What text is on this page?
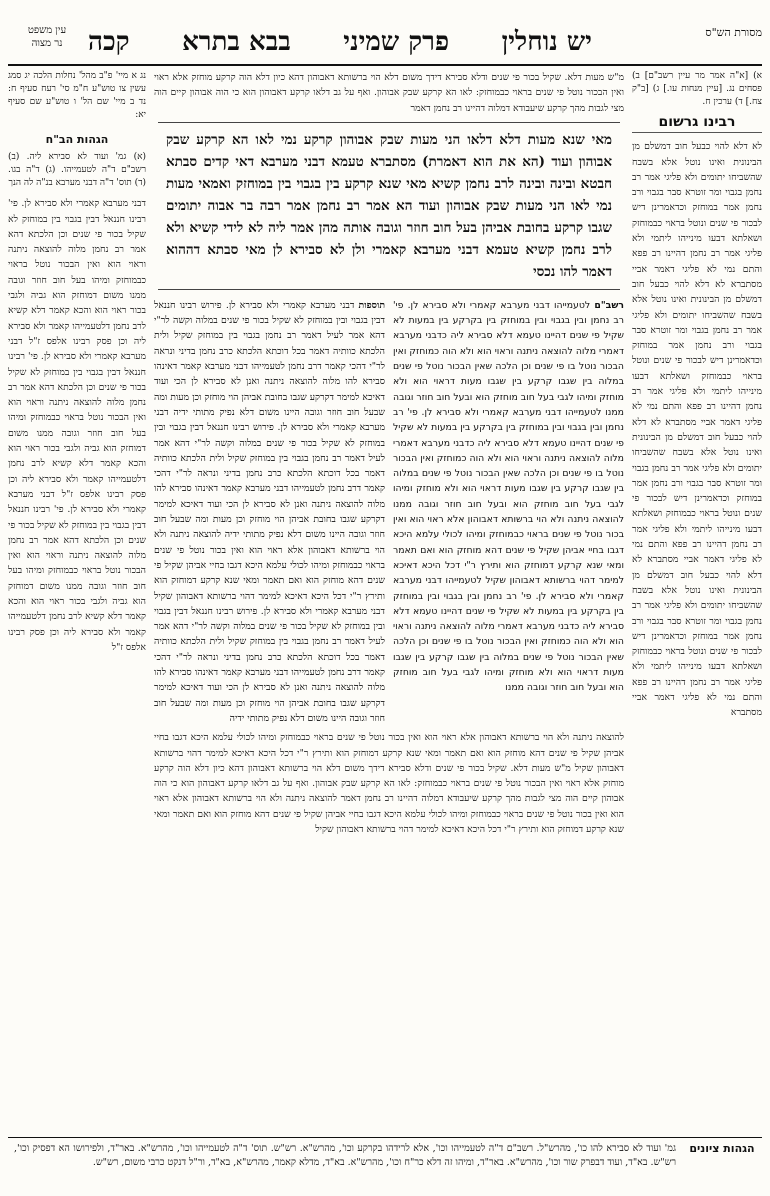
מסורת הש"ס
יש נוחלין
פרק שמיני
בבא בתרא
קכה
עין משפט
נר מצוה
א) [א"ה אמר מר עיין רשב"ם] ב) פסחים נג. [עיין מנחות עו.] ג) [ב"ק צח.] ד) ערכין ח.
רבינו גרשום
לא דלא להוי כבעל חוב דמשלם מן הבינונית ואינו נוטל אלא בשבח שהשביחו יתומים ולא פליגי אמר רב נחמן בגבוי ומר זוטרא סבר בגבוי ורב נחמן אמר במוחזק וכדאמרינן דיש לבכור פי שנים ונוטל בראוי כבמוחזק ושאלתא דבעו מינייהו ליתמי ולא פליגי אמר רב נחמן דהיינו רב פפא והתם נמי לא פליגי דאמר אביי מסתברא לא דלא להוי כבעל חוב דמשלם מן הבינונית ואינו נוטל אלא בשבח שהשביחו יתומים ולא פליגי אמר רב נחמן בגבוי ומר זוטרא סבר בגבוי ורב נחמן אמר במוחזק וכדאמרינן דיש לבכור פי שנים ונוטל בראוי כבמוחזק ושאלתא דבעו מינייהו ליתמי ולא פליגי אמר רב נחמן דהיינו רב פפא והתם נמי לא פליגי דאמר אביי מסתברא לא דלא להוי כבעל חוב דמשלם מן הבינונית ואינו נוטל אלא בשבח שהשביחו יתומים ולא פליגי אמר רב נחמן בגבוי ומר זוטרא סבר בגבוי ורב נחמן אמר במוחזק וכדאמרינן דיש לבכור פי שנים ונוטל בראוי כבמוחזק ושאלתא דבעו מינייהו ליתמי ולא פליגי אמר רב נחמן דהיינו רב פפא והתם נמי לא פליגי דאמר אביי מסתברא לא דלא להוי כבעל חוב דמשלם מן הבינונית ואינו נוטל אלא בשבח שהשביחו יתומים ולא פליגי אמר רב נחמן בגבוי ומר זוטרא סבר בגבוי ורב נחמן אמר במוחזק וכדאמרינן דיש לבכור פי שנים ונוטל בראוי כבמוחזק ושאלתא דבעו מינייהו ליתמי ולא פליגי אמר רב נחמן דהיינו רב פפא והתם נמי לא פליגי דאמר אביי מסתברא
מ"ש מעות דלא. שקיל בכור פי שנים ודלא סבירא דידך משום דלא הוי ברשותא דאבוהון דהא כיון דלא הוה קרקע מוחזק אלא ראוי ואין הבכור נוטל פי שנים בראוי כבמוחזק: לאו הא קרקע שבק אבוהון. ואף על גב דלאו קרקע דאבוהון הוא כי הוה אבוהון קיים הוה מצי לגבות מהך קרקע שיעבודא דמלוה דהיינו רב נחמן דאמר
מאי שנא מעות דלא דלאו הני מעות שבק אבוהון קרקע נמי לאו הא קרקע שבק אבוהון ועוד (הא את הוא דאמרת) מסתברא טעמא דבני מערבא דאי קדים סבתא חבטא ובינה ובינה לרב נחמן קשיא מאי שנא קרקע בין בגבוי בין במוחזק ואמאי מעות נמי לאו הני מעות שבק אבוהון ועוד הא אמר רב נחמן אמר רבה בר אבוה יתומים שגבו קרקע בחובת אביהן בעל חוב חוזר וגובה אותה מהן אמר ליה לא לידי קשיא ולא לרב נחמן קשיא טעמא דבני מערבא קאמרי ולן לא סבירא לן מאי סבתא דההוא דאמר להו נכסי
רשב"ם לטעמייהו דבני מערבא קאמרי ולא סבירא לן. פי' רב נחמן ובין בגבוי ובין במוחזק בין בקרקע בין במעות לא שקיל פי שנים דהיינו טעמא דלא סבירא ליה כדבני מערבא דאמרי מלוה להוצאה ניתנה וראוי הוא ולא הוה כמוחזק ואין הבכור נוטל בו פי שנים וכן הלכה שאין הבכור נוטל פי שנים במלוה בין שגבו קרקע בין שגבו מעות דראוי הוא ולא מוחזק ומיהו לגבי בעל חוב מוחזק הוא ובעל חוב חוזר וגובה ממנו לטעמייהו דבני מערבא קאמרי ולא סבירא לן. פי' רב נחמן ובין בגבוי ובין במוחזק בין בקרקע בין במעות לא שקיל פי שנים דהיינו טעמא דלא סבירא ליה כדבני מערבא דאמרי מלוה להוצאה ניתנה וראוי הוא ולא הוה כמוחזק ואין הבכור נוטל בו פי שנים וכן הלכה שאין הבכור נוטל פי שנים במלוה בין שגבו קרקע בין שגבו מעות דראוי הוא ולא מוחזק ומיהו לגבי בעל חוב מוחזק הוא ובעל חוב חוזר וגובה ממנו להוצאה ניתנה ולא הוי ברשותא דאבוהון אלא ראוי הוא ואין בכור נוטל פי שנים בראוי כבמוחזק ומיהו לכולי עלמא היכא דגבו בחיי אביהן שקיל פי שנים דהא מוחזק הוא ואם תאמר ומאי שנא קרקע דמוחזק הוא ותירץ ר"י דכל היכא דאיכא למימר דהוי ברשותא דאבוהון שקיל לטעמייהו דבני מערבא קאמרי ולא סבירא לן. פי' רב נחמן ובין בגבוי ובין במוחזק בין בקרקע בין במעות לא שקיל פי שנים דהיינו טעמא דלא סבירא ליה כדבני מערבא דאמרי מלוה להוצאה ניתנה וראוי הוא ולא הוה כמוחזק ואין הבכור נוטל בו פי שנים וכן הלכה שאין הבכור נוטל פי שנים במלוה בין שגבו קרקע בין שגבו מעות דראוי הוא ולא מוחזק ומיהו לגבי בעל חוב מוחזק הוא ובעל חוב חוזר וגובה ממנו
תוספות דבני מערבא קאמרי ולא סבירא לן. פירוש רבינו חננאל דבין בגבוי ובין במוחזק לא שקיל בכור פי שנים במלוה וקשה לר"י דהא אמר לעיל דאמר רב נחמן בגבוי בין במוחזק שקיל ולית הלכתא כוותיה דאמר בכל דוכתא הלכתא כרב נחמן בדיני ונראה לר"י דהכי קאמר דרב נחמן לטעמייהו דבני מערבא קאמר דאינהו סבירא להו מלוה להוצאה ניתנה ואנן לא סבירא לן הכי ועוד דאיכא למימר דקרקע שגבו בחובת אביהן הוי מוחזק וכן מעות ומה שבעל חוב חוזר וגובה היינו משום דלא נפיק מתותי ידיה דבני מערבא קאמרי ולא סבירא לן. פירוש רבינו חננאל דבין בגבוי ובין במוחזק לא שקיל בכור פי שנים במלוה וקשה לר"י דהא אמר לעיל דאמר רב נחמן בגבוי בין במוחזק שקיל ולית הלכתא כוותיה דאמר בכל דוכתא הלכתא כרב נחמן בדיני ונראה לר"י דהכי קאמר דרב נחמן לטעמייהו דבני מערבא קאמר דאינהו סבירא להו מלוה להוצאה ניתנה ואנן לא סבירא לן הכי ועוד דאיכא למימר דקרקע שגבו בחובת אביהן הוי מוחזק וכן מעות ומה שבעל חוב חוזר וגובה היינו משום דלא נפיק מתותי ידיה להוצאה ניתנה ולא הוי ברשותא דאבוהון אלא ראוי הוא ואין בכור נוטל פי שנים בראוי כבמוחזק ומיהו לכולי עלמא היכא דגבו בחיי אביהן שקיל פי שנים דהא מוחזק הוא ואם תאמר ומאי שנא קרקע דמוחזק הוא ותירץ ר"י דכל היכא דאיכא למימר דהוי ברשותא דאבוהון שקיל דבני מערבא קאמרי ולא סבירא לן. פירוש רבינו חננאל דבין בגבוי ובין במוחזק לא שקיל בכור פי שנים במלוה וקשה לר"י דהא אמר לעיל דאמר רב נחמן בגבוי בין במוחזק שקיל ולית הלכתא כוותיה דאמר בכל דוכתא הלכתא כרב נחמן בדיני ונראה לר"י דהכי קאמר דרב נחמן לטעמייהו דבני מערבא קאמר דאינהו סבירא להו מלוה להוצאה ניתנה ואנן לא סבירא לן הכי ועוד דאיכא למימר דקרקע שגבו בחובת אביהן הוי מוחזק וכן מעות ומה שבעל חוב חוזר וגובה היינו משום דלא נפיק מתותי ידיה
להוצאה ניתנה ולא הוי ברשותא דאבוהון אלא ראוי הוא ואין בכור נוטל פי שנים בראוי כבמוחזק ומיהו לכולי עלמא היכא דגבו בחיי אביהן שקיל פי שנים דהא מוחזק הוא ואם תאמר ומאי שנא קרקע דמוחזק הוא ותירץ ר"י דכל היכא דאיכא למימר דהוי ברשותא דאבוהון שקיל מ"ש מעות דלא. שקיל בכור פי שנים ודלא סבירא דידך משום דלא הוי ברשותא דאבוהון דהא כיון דלא הוה קרקע מוחזק אלא ראוי ואין הבכור נוטל פי שנים בראוי כבמוחזק: לאו הא קרקע שבק אבוהון. ואף על גב דלאו קרקע דאבוהון הוא כי הוה אבוהון קיים הוה מצי לגבות מהך קרקע שיעבודא דמלוה דהיינו רב נחמן דאמר להוצאה ניתנה ולא הוי ברשותא דאבוהון אלא ראוי הוא ואין בכור נוטל פי שנים בראוי כבמוחזק ומיהו לכולי עלמא היכא דגבו בחיי אביהן שקיל פי שנים דהא מוחזק הוא ואם תאמר ומאי שנא קרקע דמוחזק הוא ותירץ ר"י דכל היכא דאיכא למימר דהוי ברשותא דאבוהון שקיל
נג א מיי' פ"ב מהל' נחלות הלכה יג סמג עשין צו טוש"ע ח"מ סי' רעח סעיף ח: נד ב מיי' שם הל' ו טוש"ע שם סעיף יא:
הגהות הב"ח
(א) גמ' ועוד לא סבירא ליה. (ב) רשב"ם ד"ה לטעמייהו. (ג) ד"ה בגו. (ד) תוס' ד"ה דבני מערבא בנ"ה לה הנך
דבני מערבא קאמרי ולא סבירא לן. פי' רבינו חננאל דבין בגבוי בין במוחזק לא שקיל בכור פי שנים וכן הלכתא דהא אמר רב נחמן מלוה להוצאה ניתנה וראוי הוא ואין הבכור נוטל בראוי כבמוחזק ומיהו בעל חוב חוזר וגובה ממנו משום דמוחזק הוא גביה ולגבי בכור ראוי הוא והכא קאמר דלא קשיא לרב נחמן דלטעמייהו קאמר ולא סבירא ליה וכן פסק רבינו אלפס ז"ל דבני מערבא קאמרי ולא סבירא לן. פי' רבינו חננאל דבין בגבוי בין במוחזק לא שקיל בכור פי שנים וכן הלכתא דהא אמר רב נחמן מלוה להוצאה ניתנה וראוי הוא ואין הבכור נוטל בראוי כבמוחזק ומיהו בעל חוב חוזר וגובה ממנו משום דמוחזק הוא גביה ולגבי בכור ראוי הוא והכא קאמר דלא קשיא לרב נחמן דלטעמייהו קאמר ולא סבירא ליה וכן פסק רבינו אלפס ז"ל דבני מערבא קאמרי ולא סבירא לן. פי' רבינו חננאל דבין בגבוי בין במוחזק לא שקיל בכור פי שנים וכן הלכתא דהא אמר רב נחמן מלוה להוצאה ניתנה וראוי הוא ואין הבכור נוטל בראוי כבמוחזק ומיהו בעל חוב חוזר וגובה ממנו משום דמוחזק הוא גביה ולגבי בכור ראוי הוא והכא קאמר דלא קשיא לרב נחמן דלטעמייהו קאמר ולא סבירא ליה וכן פסק רבינו אלפס ז"ל
הגהות ציונים
גמ' ועוד לא סבירא להו כו', מהרש"ל. רשב"ם ד"ה לטעמייהו וכו', אלא לרידהו בקרקע וכו', מהרש"א. רש"ש. תוס' ד"ה לטעמייהו וכו', מהרש"א. באר"ד, ולפירושו הא דפסיק וכו', רש"ש. בא"ד, ועוד דבפרק שור וכו', מהרש"א. באר"ד, ומיהו זה דלא כר"ח וכו', מהרש"א. בא"ד, מדלא קאמר, מהרש"א, בא"ד, ור"ל דנקט כרבי משום, רש"ש.
